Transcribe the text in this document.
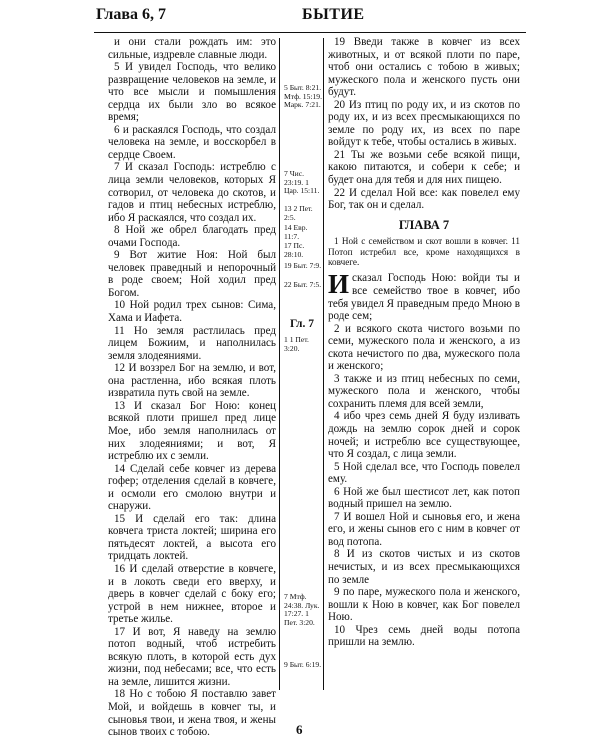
Глава 6, 7	БЫТИЕ

и они стали рождать им: это сильные, издревле славные люди.

5 И увидел Господь, что велико развращение человеков на земле, и что все мысли и помышления сердца их были зло во всякое время;

6 и раскаялся Господь, что создал человека на земле, и восскорбел в сердце Своем.

7 И сказал Господь: истреблю с лица земли человеков, которых Я сотворил, от человека до скотов, и гадов и птиц небесных истреблю, ибо Я раскаялся, что создал их.

8 Ной же обрел благодать пред очами Господа.

9 Вот житие Ноя: Ной был человек праведный и непорочный в роде своем; Ной ходил пред Богом.

10 Ной родил трех сынов: Сима, Хама и Иафета.

11 Но земля растлилась пред лицем Божиим, и наполнилась земля злодеяниями.

12 И воззрел Бог на землю, и вот, она растленна, ибо всякая плоть извратила путь свой на земле.

13 И сказал Бог Ною: конец всякой плоти пришел пред лице Мое, ибо земля наполнилась от них злодеяниями; и вот, Я истреблю их с земли.

14 Сделай себе ковчег из дерева гофер; отделения сделай в ковчеге, и осмоли его смолою внутри и снаружи.

15 И сделай его так: длина ковчега триста локтей; ширина его пятьдесят локтей, а высота его тридцать локтей.

16 И сделай отверстие в ковчеге, и в локоть сведи его вверху, и дверь в ковчег сделай с боку его; устрой в нем нижнее, второе и третье жилье.

17 И вот, Я наведу на землю потоп водный, чтоб истребить всякую плоть, в которой есть дух жизни, под небесами; все, что есть на земле, лишится жизни.

18 Но с тобою Я поставлю завет Мой, и войдешь в ковчег ты, и сыновья твои, и жена твоя, и жены сынов твоих с тобою.

5 Быт. 8:21. Мтф. 15:19. Марк. 7:21.
7 Чис. 23:19. 1 Цар. 15:11.
13 2 Пет. 2:5.
14 Евр. 11:7.
17 Пс. 28:10.
19 Быт. 7:9.
22 Быт. 7:5.
Гл. 7
1 1 Пет. 3:20.
7 Мтф. 24:38. Лук. 17:27. 1 Пет. 3:20.
9 Быт. 6:19.

19 Введи также в ковчег из всех животных, и от всякой плоти по паре, чтоб они остались с тобою в живых; мужеского пола и женского пусть они будут.

20 Из птиц по роду их, и из скотов по роду их, и из всех пресмыкающихся по земле по роду их, из всех по паре войдут к тебе, чтобы остались в живых.

21 Ты же возьми себе всякой пищи, какою питаются, и собери к себе; и будет она для тебя и для них пищею.

22 И сделал Ной все: как повелел ему Бог, так он и сделал.

ГЛАВА 7

1 Ной с семейством и скот вошли в ковчег. 11 Потоп истребил все, кроме находящихся в ковчеге.

Исказал Господь Ною: войди ты и все семейство твое в ковчег, ибо тебя увидел Я праведным предо Мною в роде сем;

2 и всякого скота чистого возьми по семи, мужеского пола и женского, а из скота нечистого по два, мужеского пола и женского;

3 также и из птиц небесных по семи, мужеского пола и женского, чтобы сохранить племя для всей земли,

4 ибо чрез семь дней Я буду изливать дождь на землю сорок дней и сорок ночей; и истреблю все существующее, что Я создал, с лица земли.

5 Ной сделал все, что Господь повелел ему.

6 Ной же был шестисот лет, как потоп водный пришел на землю.

7 И вошел Ной и сыновья его, и жена его, и жены сынов его с ним в ковчег от вод потопа.

8 И из скотов чистых и из скотов нечистых, и из всех пресмыкающихся по земле

9 по паре, мужеского пола и женского, вошли к Ною в ковчег, как Бог повелел Ною.

10 Чрез семь дней воды потопа пришли на землю.

6
